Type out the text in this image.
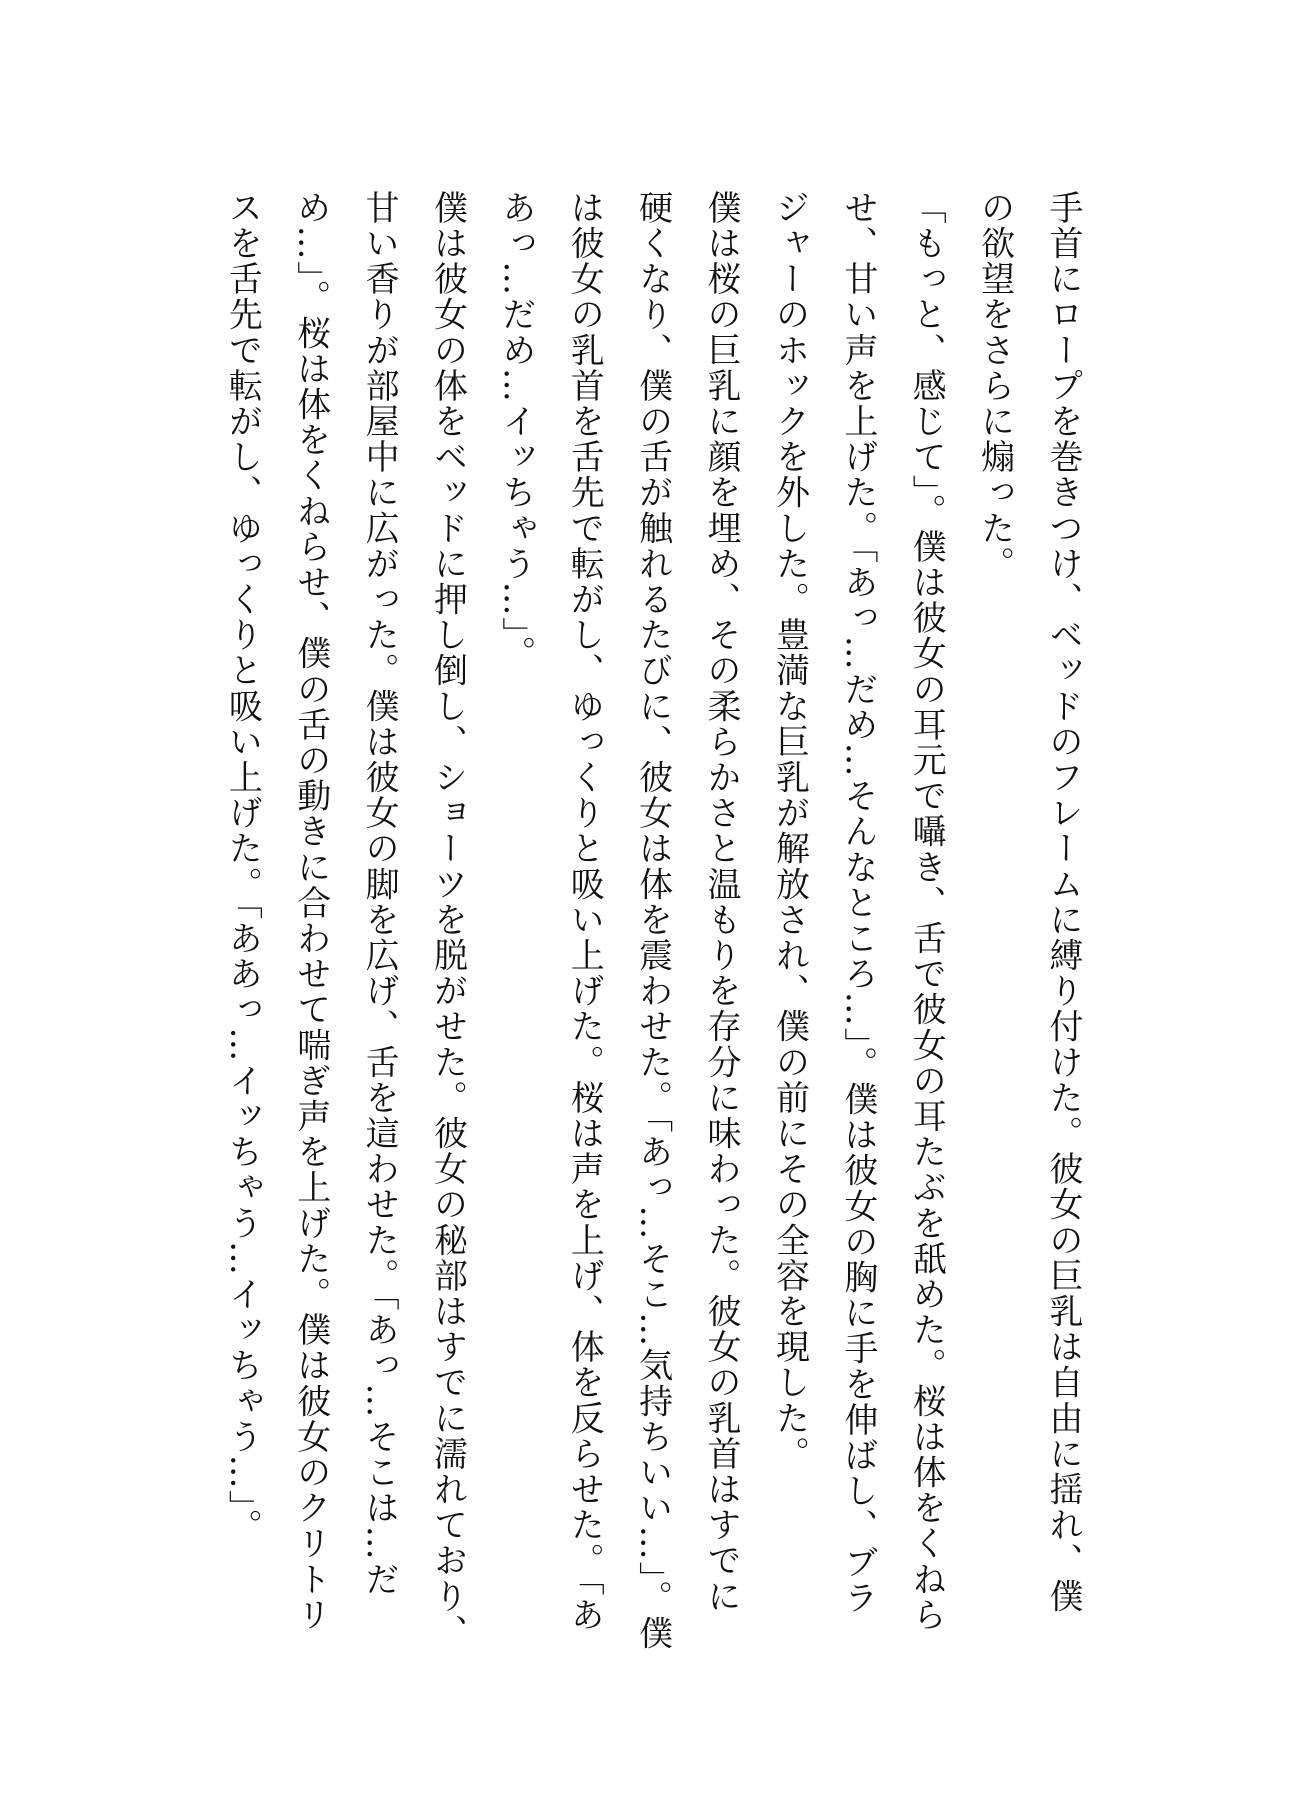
手首にロープを巻きつけ、ベッドのフレームに縛り付けた。彼女の巨乳は自由に揺れ、僕
の欲望をさらに煽った。
「もっと、感じて」。僕は彼女の耳元で囁き、舌で彼女の耳たぶを舐めた。桜は体をくねら
せ、甘い声を上げた。「あっ…だめ…そんなところ…」。僕は彼女の胸に手を伸ばし、ブラ
ジャーのホックを外した。豊満な巨乳が解放され、僕の前にその全容を現した。
僕は桜の巨乳に顔を埋め、その柔らかさと温もりを存分に味わった。彼女の乳首はすでに
硬くなり、僕の舌が触れるたびに、彼女は体を震わせた。「あっ…そこ…気持ちいい…」。僕
は彼女の乳首を舌先で転がし、ゆっくりと吸い上げた。桜は声を上げ、体を反らせた。「あ
あっ…だめ…イッちゃう…」。
僕は彼女の体をベッドに押し倒し、ショーツを脱がせた。彼女の秘部はすでに濡れており、
甘い香りが部屋中に広がった。僕は彼女の脚を広げ、舌を這わせた。「あっ…そこは…だ
め…」。桜は体をくねらせ、僕の舌の動きに合わせて喘ぎ声を上げた。僕は彼女のクリトリ
スを舌先で転がし、ゆっくりと吸い上げた。「ああっ…イッちゃう…イッちゃう…」。
